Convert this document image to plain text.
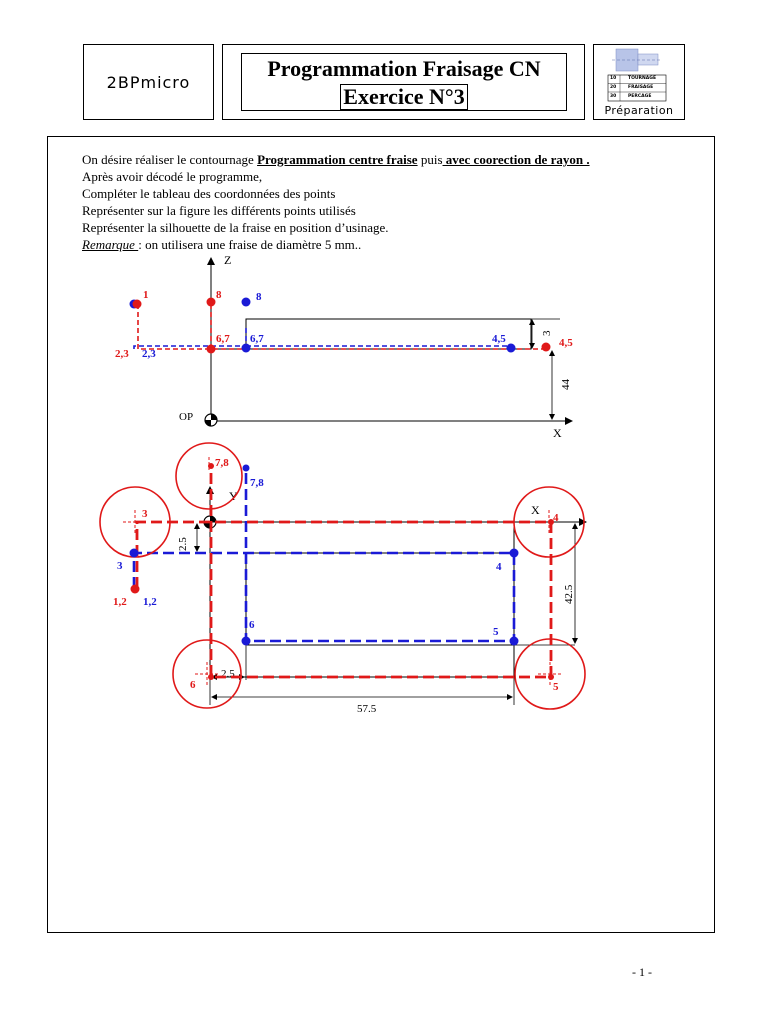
2BPmicro
Programmation Fraisage CN
Exercice N°3
10	TOURNAGE
20	FRAISAGE
30	PERCAGE
Préparation

On désire réaliser le contournage Programmation centre fraise puis avec coorection de rayon .

Après avoir décodé le programme,

Compléter le tableau des coordonnées des points

Représenter sur la figure les différents points utilisés

Représenter la silhouette de la fraise en position d’usinage.

Remarque : on utilisera une fraise de diamètre 5 mm..

Z
X
OP
3
44
1
2,3 2,3
8	8
6,7 6,7	4,5	4,5
Y
X
2.5
2.5
57.5
42.5
7,8
7,8
3
3
4
4
1,2 1,2
6
5
6	5
- 1 -
